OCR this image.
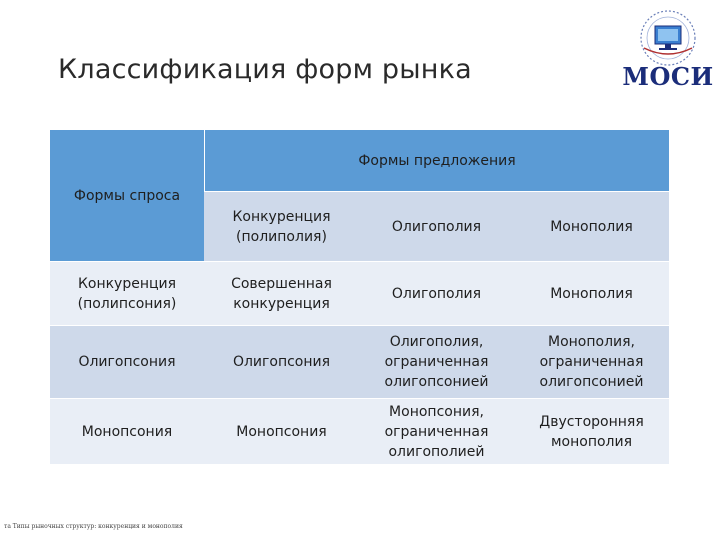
Классификация форм рынка	МОСИ
Формы спроса	Формы предложения		
	Конкуренция (полиполия)	Олигополия	Монополия
Конкуренция (полипсония)	Совершенная конкуренция	Олигополия	Монополия
Олигопсония	Олигопсония	Олигополия, ограниченная олигопсонией	Монополия, ограниченная олигопсонией
Монопсония	Монопсония	Монопсония, ограниченная олигополией	Двусторонняя монополия
тa Типы рыночных структур: конкуренция и монополия
